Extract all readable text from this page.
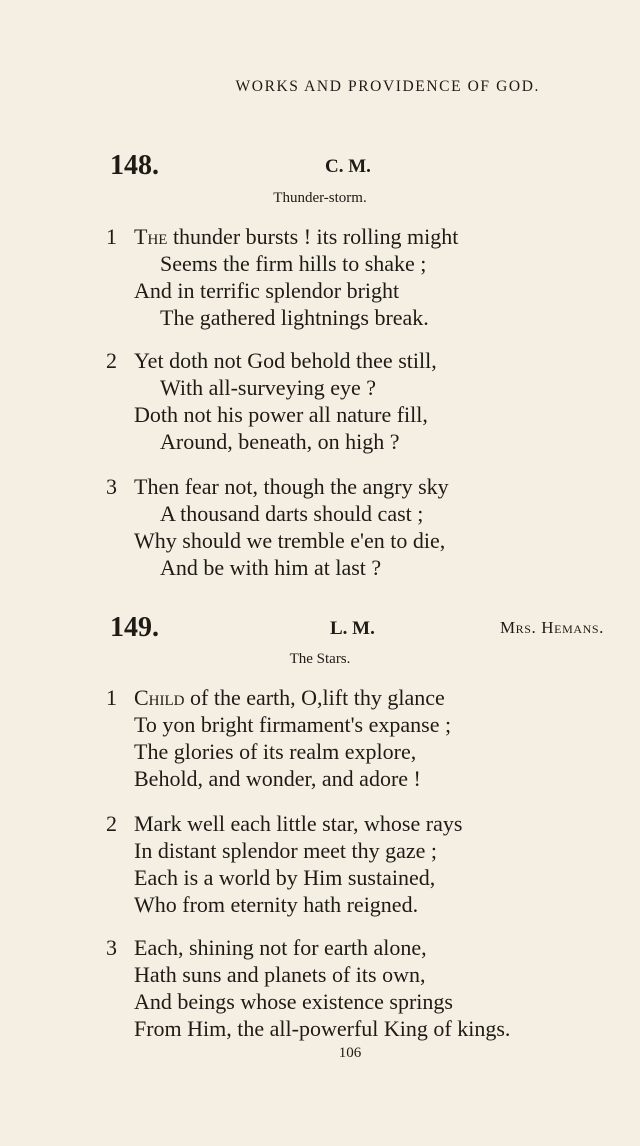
WORKS AND PROVIDENCE OF GOD.
148.	C. M.
Thunder-storm.
1 The thunder bursts ! its rolling might
Seems the firm hills to shake ;
And in terrific splendor bright
The gathered lightnings break.
2 Yet doth not God behold thee still,
With all-surveying eye ?
Doth not his power all nature fill,
Around, beneath, on high ?
3 Then fear not, though the angry sky
A thousand darts should cast ;
Why should we tremble e'en to die,
And be with him at last ?
149.	L. M.	Mrs. Hemans.
The Stars.
1 Child of the earth, O,lift thy glance
To yon bright firmament's expanse ;
The glories of its realm explore,
Behold, and wonder, and adore !
2 Mark well each little star, whose rays
In distant splendor meet thy gaze ;
Each is a world by Him sustained,
Who from eternity hath reigned.
3 Each, shining not for earth alone,
Hath suns and planets of its own,
And beings whose existence springs
From Him, the all-powerful King of kings.
106
